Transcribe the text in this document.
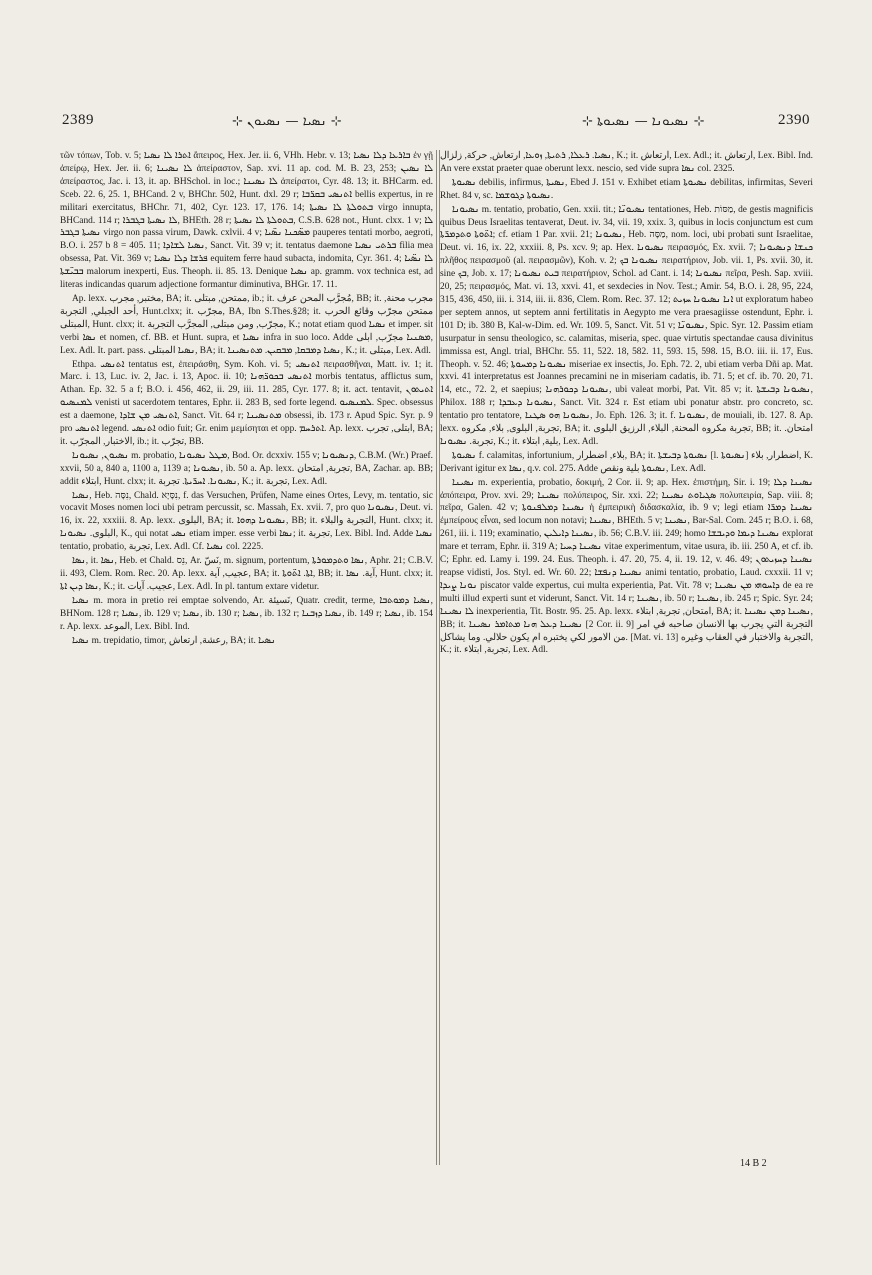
2389	⊹ ܢܣܝܐ — ܢܣܝܘܢ ⊹	⊹ ܢܣܝܘܢܐ — ܢܣܝܘܬܐ ⊹	2390

τῶν τόπων, Tob. v. 5; ܐܬܪܐ ܠܐ ܢܣܝܐ ἄπειρος, Hex. Jer. ii. 6, VHh. Hebr. v. 13; ܒܐܪܥܐ ܕܠܐ ܢܣܝܐ ἐν γῇ ἀπείρῳ, Hex. Jer. ii. 6; ܠܐ ܢܣܝܢܐ ἀπείραστον, Sap. xvi. 11 ap. cod. M. B. 23, 253; ܠܐ ܢܣܝܢ ἀπείραστος, Jac. i. 13, it. ap. BHSchol. in loc.; ܠܐ ܢܣܝܢܐ ἀπείρατοι, Cyr. 48. 13; it. BHCarm. ed. Sceb. 22. 6, 25. 1, BHCand. 2 v, BHChr. 502, Hunt. dxl. 29 r; ܐܬܢܣܝ ܒܩܪ̈ܒܐ bellis expertus, in re militari exercitatus, BHChr. 71, 402, Cyr. 123. 17, 176. 14; ܒܬܘܠܬܐ ܠܐ ܢܣܝܬܐ virgo innupta, BHCand. 114 r; ܠܐ ܢܣܝܬܐ ܒܓܒܪܐ, BHEth. 28 r; ܒܬܘܠܬܐ ܠܐ ܢܣܝܬܐ, C.S.B. 628 not., Hunt. clxx. 1 v; ܠܐ ܢܣܝܬܐ ܒܓܒܪ virgo non passa virum, Dawk. cxlvii. 4 v; ܡܣ̈ܟܢܐ ܢܣ̈ܝܐ pauperes tentati morbo, aegroti, B.O. i. 257 b 8 = 405. 11; ܢܣܝܐ ܠܫܐܕܐ, Sanct. Vit. 39 v; it. tentatus daemone ܒܪܬܝ ܢܣܝܐ filia mea obsessa, Pat. Vit. 369 v; ܦܪܫܐ ܕܠܐ ܢܣܝܐ equitem ferre haud subacta, indomita, Cyr. 361. 4; ܠܐ ܢܣ̈ܝܐ ܒܒܝ̈ܫܬܐ malorum inexperti, Eus. Theoph. ii. 85. 13. Denique ܢܣܝܐ ap. gramm. vox technica est, ad literas indicandas quarum adjectione formantur diminutiva, BHGr. 17. 11.

Ap. lexx. مختبر, مجرب, BA; it. ممتحن, مبتلى, ib.; it. مُجرَّب المحن عرف, BB; it. مجرب محنة, أحد الجبلي, ‏التجربة, Hunt.clxx; it. ‏مجرّب, BA, Ibn S.Thes.§28; it. ‏ممتحن مجرّب وقائع الحرب المبتلى, Hunt. clxx; it. ‏مجرّب, ومن مبتلى, ‏المجرَّب التجربة, K.; notat etiam quod ܢܣܝܐ et imper. sit verbi ܢܣܐ et nomen, cf. BB. et Hunt. supra, et ܢܣܝܐ infra in suo loco. Adde ܡܣܢܝܐ مجرّب, ابلى, Lex. Adl. It. part. pass. ܢܣܝܐ المبتلى, BA; it. ܢܣܝܐ ܕܡܒܩܐ, ܡܒܩܝܢ. ܡܬܢܣܝܢܐ, K.; it. ‏مبتلى, Lex. Adl.

Ethpa. ܐܬܢܣܝ tentatus est, ἐπειράσθη, Sym. Koh. vi. 5; ܐܬܢܣܝ πειρασθῆναι, Matt. iv. 1; it. Marc. i. 13, Luc. iv. 2, Jac. i. 13, Apoc. ii. 10; ܐܬܢܣܝ ܒܟܘܪ̈ܗܢܐ morbis tentatus, afflictus sum, Athan. Ep. 32. 5 a f; B.O. i. 456, 462, ii. 29, iii. 11. 285, Cyr. 177. 8; it. act. tentavit, ܐܬܝܬܘܢ ܠܡܢܣܝܘ venisti ut sacerdotem tentares, Ephr. ii. 283 B, sed forte legend. ܠܡܢܣܝܘ. Spec. obsessus est a daemone, ܐܬܢܣܝ ܡܢ ܫܐܕܐ, Sanct. Vit. 64 r; ܡܬܢܣܝܢܐ obsessi, ib. 173 r. Apud Spic. Syr. p. 9 pro ܐܬܢܣܝ legend. ܐܬܢܣܝ odio fuit; Gr. enim μεμίσηται et opp. ܐܬܪܚܡ. Ap. lexx. ابتلى, تجرب, BA; it. الاختبار, المجرّب, ib.; it. ‏تجرّب, BB.

ܢܣܝܘܢ, ܢܣܝܘܢܐ m. probatio, ܡܛܠ ܢܣܝܘܢܐ, Bod. Or. dcxxiv. 155 v; ܕܢܣܝܘܢܐ, C.B.M. (Wr.) Praef. xxvii, 50 a, 840 a, 1100 a, 1139 a; ܢܣܝܘܢܐ, ib. 50 a. Ap. lexx. تجربة, امتحان, BA, Zachar. ap. BB; addit ابتلاء, Hunt. clxx; it. ܢܣܝܘܢܐ. ܐܚܪ̈ܝܬܐ. تجربة, K.; it. ‏تجربة, Lex. Adl.

ܢܣܝܐ, Heb. נִסָּה, Chald. נִסָּיָא, f. das Versuchen, Prüfen, Name eines Ortes, Levy, m. tentatio, sic vocavit Moses nomen loci ubi petram percussit, sc. Massah, Ex. xvii. 7, pro quo ܢܣܝܘܢܐ, Deut. vi. 16, ix. 22, xxxiii. 8. Ap. lexx. البلوى, BA; it. ܢܣܝܘܢܐ ܕܗܘܐ, BB; it. ‏التجربة والبلاء, Hunt. clxx; it. ‏البلوى. ܢܣܝܘܢܐ, K., qui notat ܢܣܝ etiam imper. esse verbi ܢܣܐ; it. ‏تجربة, Lex. Bibl. Ind. Adde ܢܣܝܐ tentatio, probatio, ‏تجربة, Lex. Adl. Cf. ܢܣܝܐ col. 2225.

ܢܣܐ, it. ܢܣܐ, Heb. et Chald. נֵס, Ar. نَسّ, m. signum, portentum, ܢܣܐ ܘܬܕܡܘܪܬܐ, Aphr. 21; C.B.V. ii. 493, Clem. Rom. Rec. 20. Ap. lexx. عجيب, آية, BA; it. ܐܬܐ. ܐܬ̈ܘܬܐ, BB; it. ‏آية. ܢܣܐ, Hunt. clxx; it. ܢܣܐ ܕܝܢ ܐܬܐ, K.; it. ‏عجيب. آيات, Lex. Adl. In pl. tantum extare videtur.

ܢܣܝܐ m. mora in pretio rei emptae solvendo, Ar. نَسيئة, Quatr. credit, terme, ܢܣܝܐ ܕܡܘܬܒܐ, BHNom. 128 r; ܢܣܝܐ, ib. 129 v; ܢܣܝܐ, ib. 130 r; ܢܣܝܐ, ib. 132 r; ܢܣܝܐ ܕܙܒܢܐ, ib. 149 r; ܢܣܝܐ, ib. 154 r. Ap. lexx. ‏الموعد, Lex. Bibl. Ind.

ܢܣܝܐ m. trepidatio, timor, ‏رعشة, ارتعاش, BA; it. ܢܣܝܐ

ܢܣܝܐ. ܪܥܠܐ, ܪܬܝܬܐ, ܙܘܥܐ, ‏ارتعاش, حركة, ‏زلزال, K.; it. ‏ارتعاش, Lex. Adl.; it. ‏ارتعاش, Lex. Bibl. Ind. An vere exstat praeter quae oberunt lexx. nescio, sed vide supra ܢܣܐ col. 2325.

ܢܣܝܘܬܐ debilis, infirmus, ܢܣܝܬܐ, Ebed J. 151 v. Exhibet etiam ܢܣܝܘܬܐ debilitas, infirmitas, Severi Rhet. 84 v, sc. ܢܣܝܘܬܐ ܕܓܘܫܡܐ.

ܢܣܝܘܢܐ m. tentatio, probatio, Gen. xxii. tit.; ܢܣܝܘܢ̈ܐ tentationes, Heb. מַסּוֹת, de gestis magnificis quibus Deus Israelitas tentaverat, Deut. iv. 34, vii. 19, xxix. 3, quibus in locis conjunctum est cum ܐܬ̈ܘܬܐ ܘܬܕܡܪ̈ܬܐ; cf. etiam 1 Par. xvii. 21; ܢܣܝܘܢܐ, Heb. מַסָּה, nom. loci, ubi probati sunt Israelitae, Deut. vi. 16, ix. 22, xxxiii. 8, Ps. xcv. 9; ap. Hex. ܢܣܝܘܢܐ πειρασμός, Ex. xvii. 7; ܟܢܫܐ ܕܢܣܝܘܢܐ πλῆθος πειρασμοῦ (al. πειρασμῶν), Koh. v. 2; ܢܣܝܘܢܐ ܒܟ πειρατήριον, Job. vii. 1, Ps. xvii. 30, it. sine ܒܟ, Job. x. 17; ܒܝܬ ܢܣܝܘܢܐ πειρατήριον, Schol. ad Cant. i. 14; ܢܣܝܘܢܐ πεῖρα, Pesh. Sap. xviii. 20, 25; πειρασμός, Mat. vi. 13, xxvi. 41, et sexdecies in Nov. Test.; Amir. 54, B.O. i. 28, 95, 224, 315, 436, 450, iii. i. 314, iii. ii. 836, Clem. Rom. Rec. 37. 12; ܐܢܐ ܢܣܝܘܢܐ ܚܙܝܬ ut exploratum habeo per septem annos, ut septem anni fertilitatis in Aegypto me vera praesagiisse ostendunt, Ephr. i. 101 D; ib. 380 B, Kal-w-Dim. ed. Wr. 109. 5, Sanct. Vit. 51 v; ܢܣܝܘܢ̈ܐ, Spic. Syr. 12. Passim etiam usurpatur in sensu theologico, sc. calamitas, miseria, spec. quae virtutis spectandae causa divinitus immissa est, Angl. trial, BHChr. 55. 11, 522. 18, 582. 11, 593. 15, 598. 15, B.O. iii. ii. 17, Eus. Theoph. v. 52. 46; ܢܣܝܘܢܐ ܕܡܚܘܬܐ miseriae ex insectis, Jo. Eph. 72. 2, ubi etiam verba Dñi ap. Mat. xxvi. 41 interpretatus est Joannes precamini ne in miseriam cadatis, ib. 71. 5; et cf. ib. 70. 20, 71. 14, etc., 72. 2, et saepius; ܢܣܝܘܢܐ ܕܟܘܪܗܢܐ, ubi valeat morbi, Pat. Vit. 85 v; it. ܢܣܝܘܢܐ ܕܒܝܫܬܐ, Philox. 188 r; ܢܣܝܘܢܐ ܕܥܒܕܐ, Sanct. Vit. 324 r. Est etiam ubi ponatur abstr. pro concreto, sc. tentatio pro tentatore, ܢܣܝܘܢܐ ܗܘ ܣܛܢܐ, Jo. Eph. 126. 3; it. f. ܢܣܝܘܢܐ, de mouiali, ib. 127. 8. Ap. lexx. ‏تجربة, البلوى, بلاء, مكروه, BA; it. ‏تجربة مكروه المحنة, البلاء, الرزيق البلوى, BB; it. ‏امتحان. تجربة. ܢܣܝܘܢܐ, K.; it. ‏بلية, ابتلاء, Lex. Adl.

ܢܣܝܘܬܐ f. calamitas, infortunium, ‏بلاء, اضطرار, BA; it. ܢܣܝܘܬܐ ܕܒܝܫܬܐ [l. ܢܣܝܘܬܐ] ‏اضطرار, بلاء, K. Derivant igitur ex ܢܣܐ, q.v. col. 275. Adde ܢܣܝܘܬܐ ‏بلية ونقص, Lex. Adl.

ܢܣܝܢܐ m. experientia, probatio, δοκιμή, 2 Cor. ii. 9; ap. Hex. ἐπιστήμη, Sir. i. 19; ܢܣܝܢܐ ܕܠܐ ἀπόπειρα, Prov. xvi. 29; ܢܣܝܢܐ πολύπειρος, Sir. xxi. 22; ܣܓܝܐܘܬ ܢܣܝܢܐ πολυπειρία, Sap. viii. 8; πεῖρα, Galen. 42 v; ܢܣܝܢܐ ܕܡܠܦܢܘܬܐ ἡ ἐμπειρικὴ διδασκαλία, ib. 9 v; legi etiam ܢܣܝܢܐ ܕܡܪ̈ܐ ἐμπείρους εἶναι, sed locum non notavi; ܢܣܝܢܐ, BHEth. 5 v; ܢܣܝܢܐ, Bar-Sal. Com. 245 r; B.O. i. 68, 261, iii. i. 119; examinatio, ܢܣܝܢܐ ܕܐܝܠܝܢ, ib. 56; C.B.V. iii. 249; homo ܢܣܝܢܐ ܕܝܡܐ ܘܕܝܒܫܐ explorat mare et terram, Ephr. ii. 319 A; ܢܣܝܢܐ ܕܚܝܐ vitae experimentum, vitae usura, ib. iii. 250 A, et cf. ib. C; Ephr. ed. Lamy i. 199. 24. Eus. Theoph. i. 47. 20, 75. 4, ii. 19. 12, v. 46. 49; ܢܣܝܢܐ ܕܚܙܝܬܘܢ reapse vidisti, Jos. Styl. ed. Wr. 60. 22; ܢܣܝܢܐ ܕܢܦܫܐ animi tentatio, probatio, Laud. cxxxii. 11 v; ܢܘܢܐ ܨܝܕܐ piscator valde expertus, cui multa experientia, Pat. Vit. 78 v; ܕܐܚܘܗܝ ܡܢ ܢܣܝܢܐ de ea re multi illud experti sunt et viderunt, Sanct. Vit. 14 r; ܢܣܝܢܐ, ib. 50 r; ܢܣܝܢܐ, ib. 245 r; Spic. Syr. 24; ܠܐ ܢܣܝܢܐ inexperientia, Tit. Bostr. 95. 25. Ap. lexx. ‏امتحان, تجربة, ابتلاء, BA; it. ܢܣܝܢܐ ܕܡܢ ܢܣܝܢܐ, BB; it. ܢܣܝܢܐ ܕܥܠ ܗܢܐ ܡܬܐܡܪ ܢܣܝܢܐ [2 Cor. ii. 9] ‏التجربة التي يجرب بها الانسان صاحبه في امر من الامور لكي يختبره ام يكون حلالي. وما يشاكل. [Mat. vi. 13] ‏التجربة والاختبار في العقاب وغيره, K.; it. ‏تجربة, ابتلاء, Lex. Adl.

14 B 2
